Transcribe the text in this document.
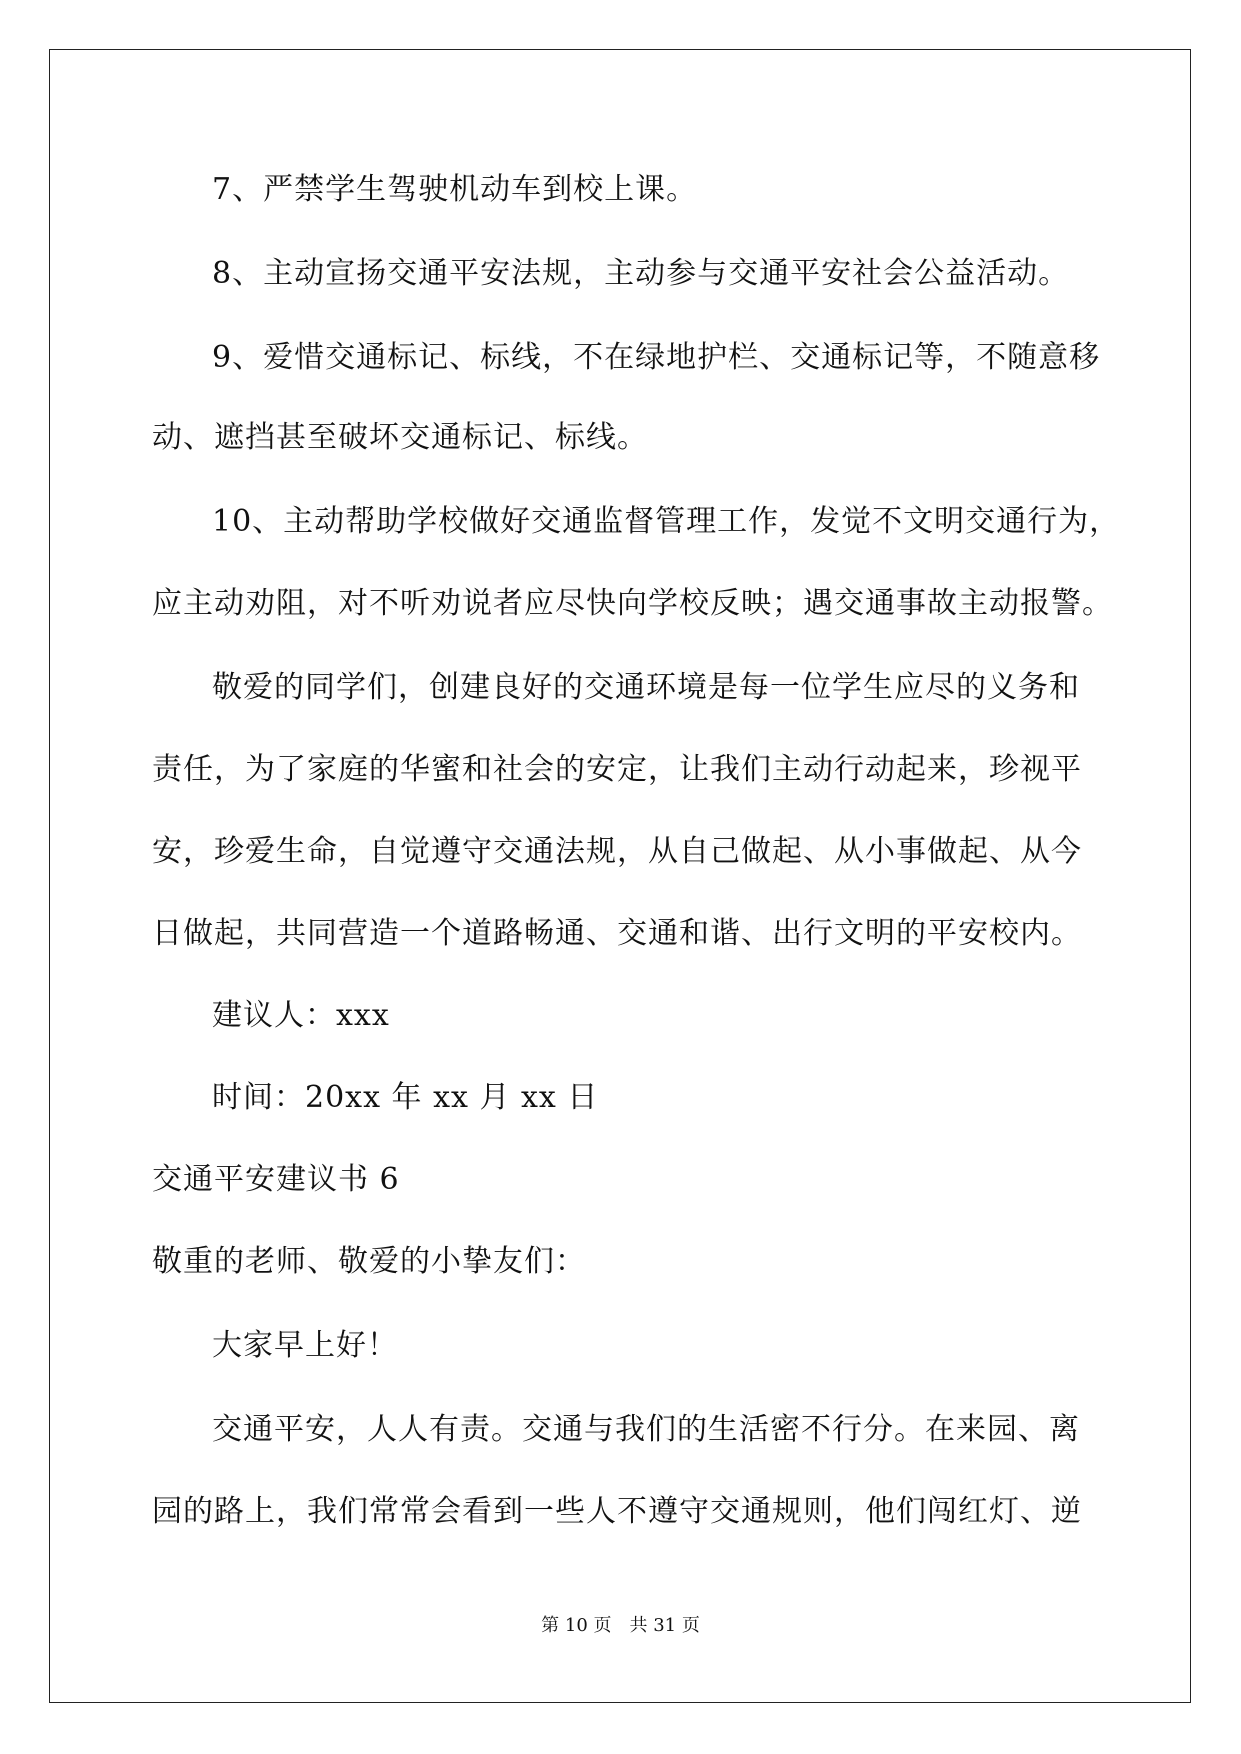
7、严禁学生驾驶机动车到校上课。
8、主动宣扬交通平安法规，主动参与交通平安社会公益活动。
9、爱惜交通标记、标线，不在绿地护栏、交通标记等，不随意移
动、遮挡甚至破坏交通标记、标线。
10、主动帮助学校做好交通监督管理工作，发觉不文明交通行为，
应主动劝阻，对不听劝说者应尽快向学校反映；遇交通事故主动报警。
敬爱的同学们，创建良好的交通环境是每一位学生应尽的义务和
责任，为了家庭的华蜜和社会的安定，让我们主动行动起来，珍视平
安，珍爱生命，自觉遵守交通法规，从自己做起、从小事做起、从今
日做起，共同营造一个道路畅通、交通和谐、出行文明的平安校内。
建议人：xxx
时间：20xx 年 xx 月 xx 日
交通平安建议书 6
敬重的老师、敬爱的小挚友们：
大家早上好！
交通平安，人人有责。交通与我们的生活密不行分。在来园、离
园的路上，我们常常会看到一些人不遵守交通规则，他们闯红灯、逆
第 10 页　共 31 页
